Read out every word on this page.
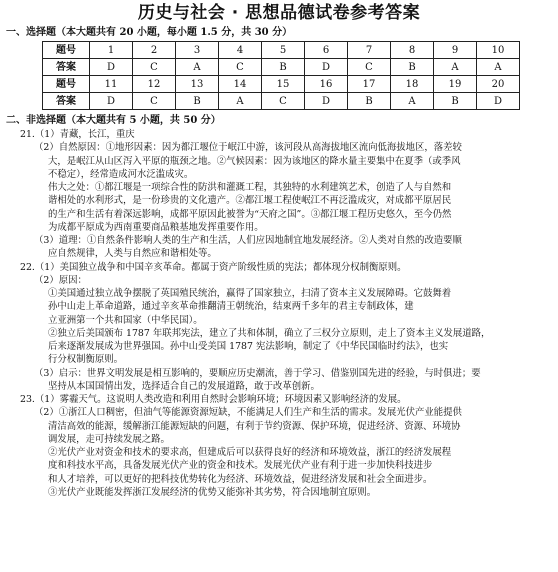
历史与社会 · 思想品德试卷参考答案

一、选择题（本大题共有 20 小题，每小题 1.5 分，共 30 分）

题号	1	2	3	4	5	6	7	8	9	10
答案	D	C	A	C	B	D	C	B	A	A
题号	11	12	13	14	15	16	17	18	19	20
答案	D	C	B	A	C	D	B	A	B	D

二、非选择题（本大题共有 5 小题，共 50 分）

21.（1）青藏，长江，重庆

（2）自然原因：①地形因素：因为都江堰位于岷江中游，该河段从高海拔地区流向低海拔地区，落差较

大，是岷江从山区泻入平原的瓶颈之地。②气候因素：因为该地区的降水量主要集中在夏季（或季风

不稳定），经常造成河水泛滥成灾。

伟大之处：①都江堰是一项综合性的防洪和灌溉工程，其独特的水利建筑艺术，创造了人与自然和

谐相处的水利形式，是一份珍贵的文化遗产。②都江堰工程使岷江不再泛滥成灾，对成都平原居民

的生产和生活有着深远影响，成都平原因此被誉为“天府之国”。③都江堰工程历史悠久，至今仍然

为成都平原成为西南重要商品粮基地发挥重要作用。

（3）道理：①自然条件影响人类的生产和生活，人们应因地制宜地发展经济。②人类对自然的改造要顺

应自然规律，人类与自然应和谐相处等。

22.（1）美国独立战争和中国辛亥革命。都属于资产阶级性质的宪法；都体现分权制衡原则。

（2）原因：

①美国通过独立战争摆脱了英国殖民统治，赢得了国家独立，扫清了资本主义发展障碍。它鼓舞着

孙中山走上革命道路，通过辛亥革命推翻清王朝统治，结束两千多年的君主专制政体，建

立亚洲第一个共和国家（中华民国）。

②独立后美国颁布 1787 年联邦宪法，建立了共和体制，确立了三权分立原则，走上了资本主义发展道路，

后来逐渐发展成为世界强国。孙中山受美国 1787 宪法影响，制定了《中华民国临时约法》，也实

行分权制衡原则。

（3）启示：世界文明发展是相互影响的，要顺应历史潮流，善于学习、借鉴别国先进的经验，与时俱进；要

坚持从本国国情出发，选择适合自己的发展道路，敢于改革创新。

23.（1）雾霾天气。这说明人类改造和利用自然时会影响环境；环境因素又影响经济的发展。

（2）①浙江人口稠密，但油气等能源资源短缺，不能满足人们生产和生活的需求。发展光伏产业能提供

清洁高效的能源，缓解浙江能源短缺的问题，有利于节约资源、保护环境，促进经济、资源、环境协

调发展，走可持续发展之路。

②光伏产业对资金和技术的要求高，但建成后可以获得良好的经济和环境效益，浙江的经济发展程

度和科技水平高，具备发展光伏产业的资金和技术。发展光伏产业有利于进一步加快科技进步

和人才培养，可以更好的把科技优势转化为经济、环境效益，促进经济发展和社会全面进步。

③光伏产业既能发挥浙江发展经济的优势又能弥补其劣势，符合因地制宜原则。
